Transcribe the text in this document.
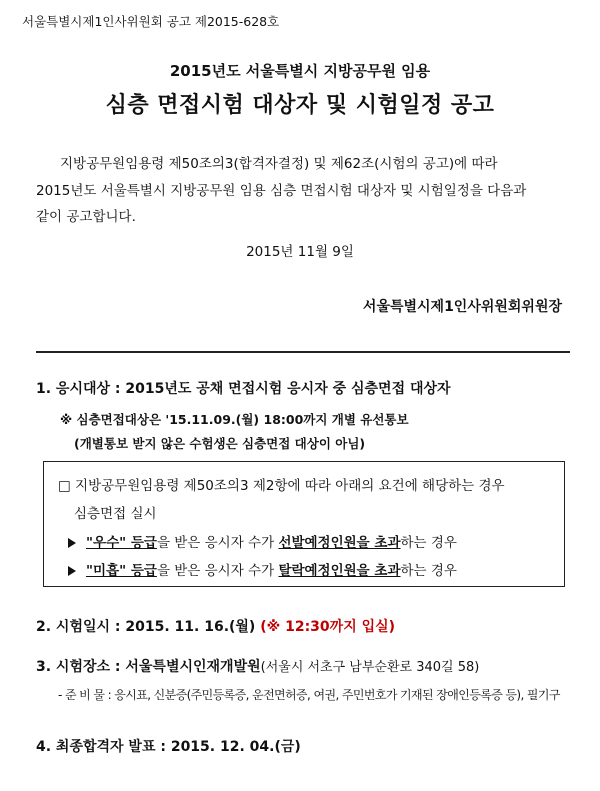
서울특별시제1인사위원회 공고 제2015-628호
2015년도 서울특별시 지방공무원 임용
심층 면접시험 대상자 및 시험일정 공고
지방공무원임용령 제50조의3(합격자결정) 및 제62조(시험의 공고)에 따라
2015년도 서울특별시 지방공무원 임용 심층 면접시험 대상자 및 시험일정을 다음과
같이 공고합니다.
2015년 11월 9일
서울특별시제1인사위원회위원장
1. 응시대상 : 2015년도 공채 면접시험 응시자 중 심층면접 대상자
※ 심층면접대상은 '15.11.09.(월) 18:00까지 개별 유선통보
(개별통보 받지 않은 수험생은 심층면접 대상이 아님)
□ 지방공무원임용령 제50조의3 제2항에 따라 아래의 요건에 해당하는 경우
심층면접 실시
"우수" 등급을 받은 응시자 수가 선발예정인원을 초과하는 경우
"미흡" 등급을 받은 응시자 수가 탈락예정인원을 초과하는 경우
2. 시험일시 : 2015. 11. 16.(월) (※ 12:30까지 입실)
3. 시험장소 : 서울특별시인재개발원(서울시 서초구 남부순환로 340길 58)
- 준 비 물 : 응시표, 신분증(주민등록증, 운전면허증, 여권, 주민번호가 기재된 장애인등록증 등), 필기구
4. 최종합격자 발표 : 2015. 12. 04.(금)
